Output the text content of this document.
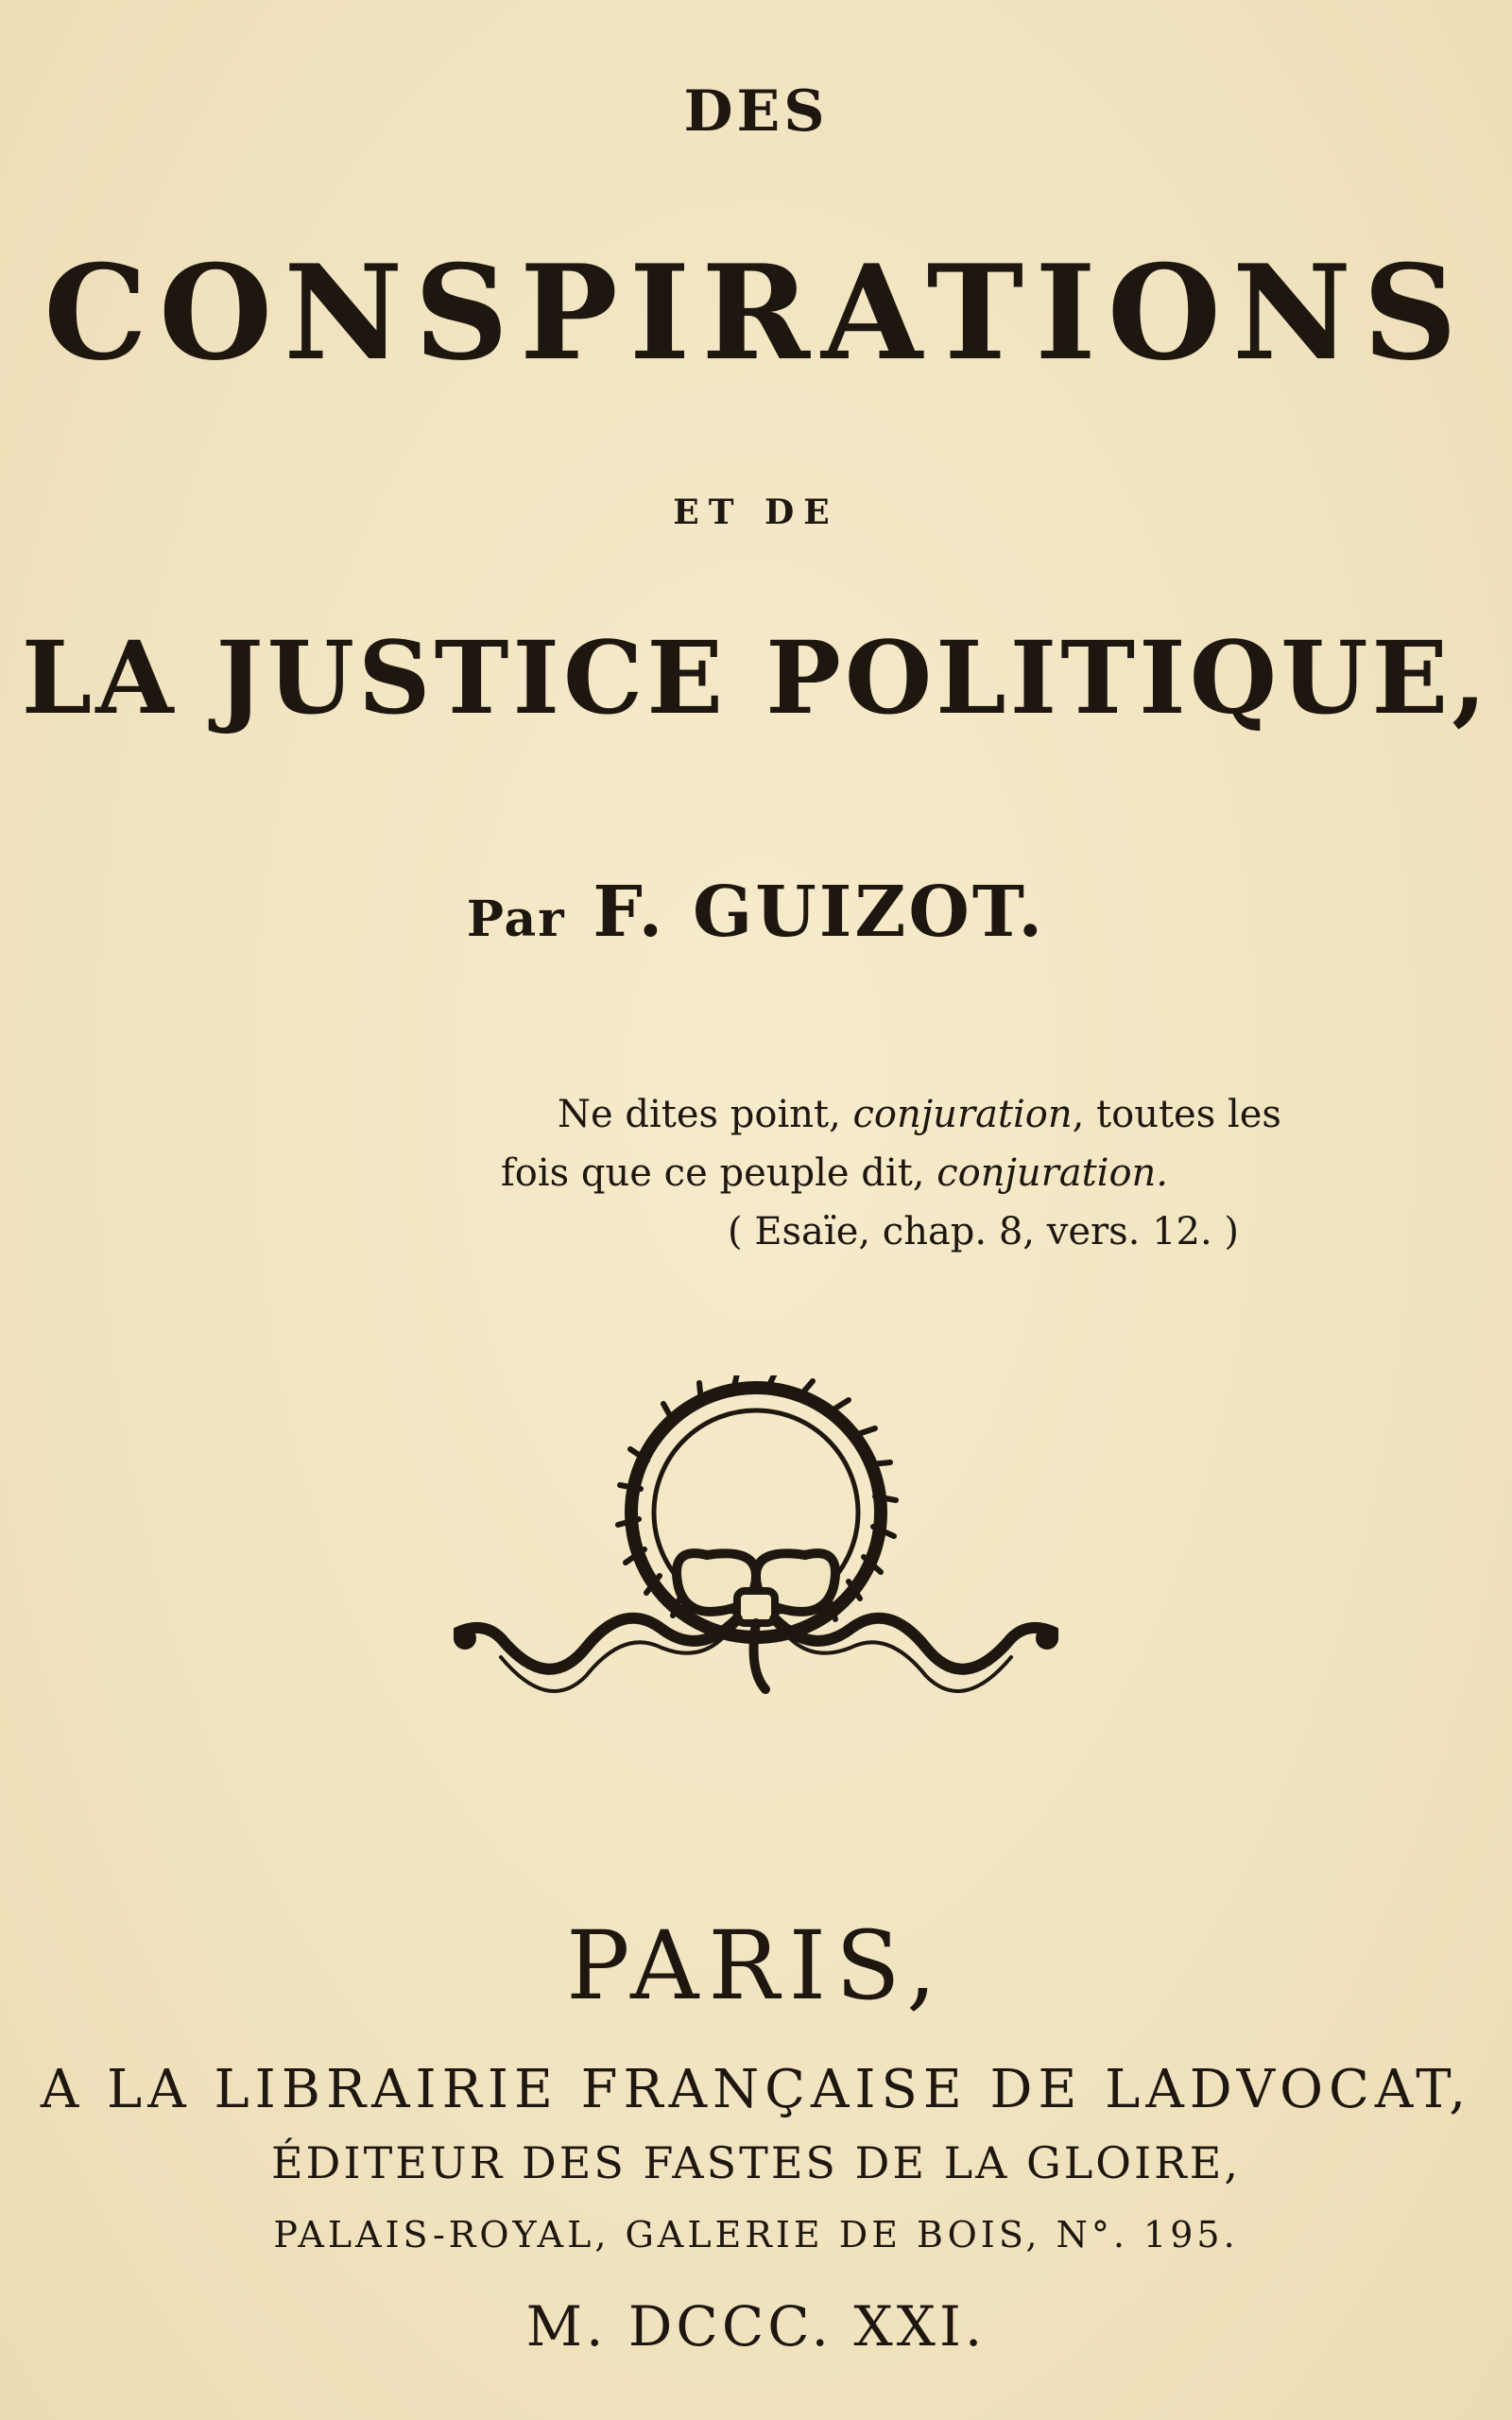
DES
CONSPIRATIONS
ET DE
LA JUSTICE POLITIQUE,
Par F. GUIZOT.
Ne dites point, conjuration, toutes les
fois que ce peuple dit, conjuration.
( Esaïe, chap. 8, vers. 12. )
PARIS,
A LA LIBRAIRIE FRANÇAISE DE LADVOCAT,
ÉDITEUR DES FASTES DE LA GLOIRE,
PALAIS-ROYAL, GALERIE DE BOIS, N°. 195.
M. DCCC. XXI.
